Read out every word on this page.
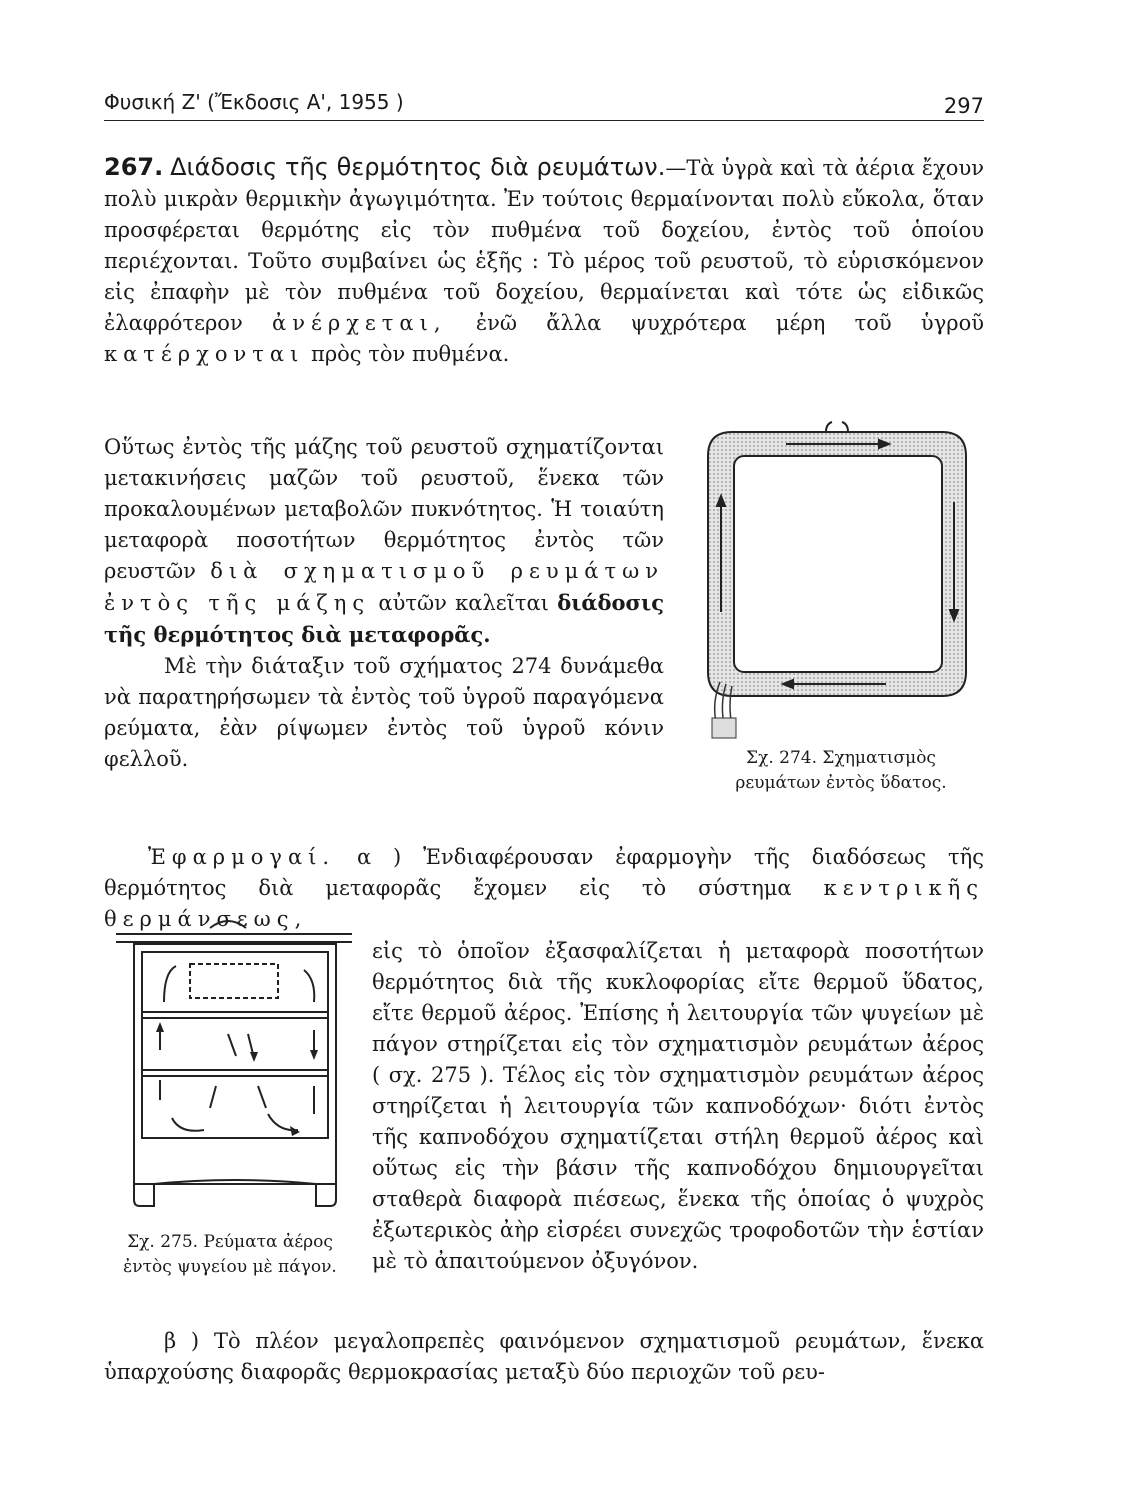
Φυσική Ζ' (Ἔκδοσις Α', 1955 )	297
267. Διάδοσις τῆς θερμότητος διὰ ρευμάτων.—Τὰ ὑγρὰ καὶ τὰ ἀέρια ἔχουν πολὺ μικρὰν θερμικὴν ἀγωγιμότητα. Ἐν τούτοις θερμαίνονται πολὺ εὔκολα, ὅταν προσφέρεται θερμότης εἰς τὸν πυθμένα τοῦ δοχείου, ἐντὸς τοῦ ὁποίου περιέχονται. Τοῦτο συμβαίνει ὡς ἑξῆς : Τὸ μέρος τοῦ ρευστοῦ, τὸ εὑρισκόμενον εἰς ἐπαφὴν μὲ τὸν πυθμένα τοῦ δοχείου, θερμαίνεται καὶ τότε ὡς εἰδικῶς ἐλαφρότερον ἀνέρχεται, ἐνῶ ἄλλα ψυχρότερα μέρη τοῦ ὑγροῦ κατέρχονται πρὸς τὸν πυθμένα.
Οὕτως ἐντὸς τῆς μάζης τοῦ ρευστοῦ σχηματίζονται μετακινήσεις μαζῶν τοῦ ρευστοῦ, ἕνεκα τῶν προκαλουμένων μεταβολῶν πυκνότητος. Ἡ τοιαύτη μεταφορὰ ποσοτήτων θερμότητος ἐντὸς τῶν ρευστῶν διὰ σχηματισμοῦ ρευμάτων ἐντὸς τῆς μάζης αὐτῶν καλεῖται διάδοσις τῆς θερμότητος διὰ μεταφορᾶς.
Μὲ τὴν διάταξιν τοῦ σχήματος 274 δυνάμεθα νὰ παρατηρήσωμεν τὰ ἐντὸς τοῦ ὑγροῦ παραγόμενα ρεύματα, ἐὰν ρίψωμεν ἐντὸς τοῦ ὑγροῦ κόνιν φελλοῦ.	Σχ. 274. Σχηματισμὸς ρευμάτων ἐντὸς ὕδατος.
Ἐφαρμογαί. α ) Ἐνδιαφέρουσαν ἐφαρμογὴν τῆς διαδόσεως τῆς θερμότητος διὰ μεταφορᾶς ἔχομεν εἰς τὸ σύστημα κεντρικῆς θερμάνσεως,
εἰς τὸ ὁποῖον ἐξασφαλίζεται ἡ μεταφορὰ ποσοτήτων θερμότητος διὰ τῆς κυκλοφορίας εἴτε θερμοῦ ὕδατος, εἴτε θερμοῦ ἀέρος. Ἐπίσης ἡ λειτουργία τῶν ψυγείων μὲ πάγον στηρίζεται εἰς τὸν σχηματισμὸν ρευμάτων ἀέρος ( σχ. 275 ). Τέλος εἰς τὸν σχηματισμὸν ρευμάτων ἀέρος στηρίζεται ἡ λειτουργία τῶν καπνοδόχων· διότι ἐντὸς τῆς καπνοδόχου σχηματίζεται στήλη θερμοῦ ἀέρος καὶ οὕτως εἰς τὴν βάσιν τῆς καπνοδόχου δημιουργεῖται σταθερὰ διαφορὰ πιέσεως, ἕνεκα τῆς ὁποίας ὁ ψυχρὸς ἐξωτερικὸς ἀὴρ εἰσρέει συνεχῶς τροφοδοτῶν τὴν ἑστίαν μὲ τὸ ἀπαιτούμενον ὀξυγόνον.
Σχ. 275. Ρεύματα ἀέρος ἐντὸς ψυγείου μὲ πάγον.
β ) Τὸ πλέον μεγαλοπρεπὲς φαινόμενον σχηματισμοῦ ρευμάτων, ἕνεκα ὑπαρχούσης διαφορᾶς θερμοκρασίας μεταξὺ δύο περιοχῶν τοῦ ρευ-
